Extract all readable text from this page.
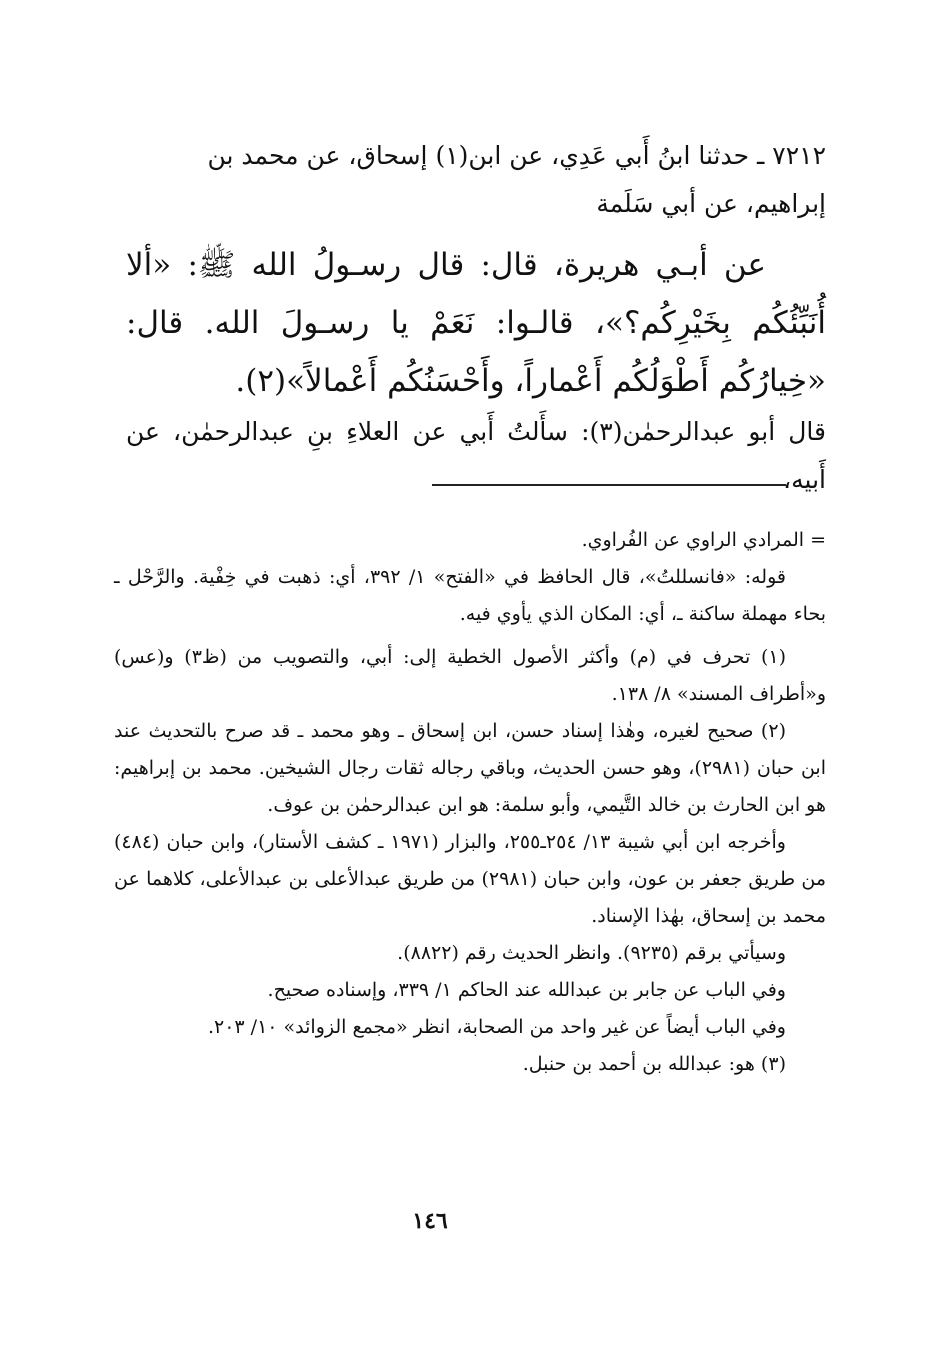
٧٢١٢ ـ حدثنا ابنُ أَبي عَدِي، عن ابن(١) إسحاق، عن محمد بن

إبراهيم، عن أبي سَلَمة

عن أبـي هريرة، قال: قال رسـولُ الله ﷺ: «ألا أُنَبِّئُكُم بِخَيْرِكُم؟»، قالـوا: نَعَمْ يا رسـولَ الله. قال: «خِيارُكُم أَطْوَلُكُم أَعْماراً، وأَحْسَنُكُم أَعْمالاً»(٢).

قال أبو عبدالرحمٰن(٣): سأَلتُ أَبي عن العلاءِ بنِ عبدالرحمٰن، عن أَبيه،

= المرادي الراوي عن الفُراوي.

قوله: «فانسللتُ»، قال الحافظ في «الفتح» ١/ ٣٩٢، أي: ذهبت في خِفْية. والرَّحْل ـ بحاء مهملة ساكنة ـ، أي: المكان الذي يأوي فيه.

(١) تحرف في (م) وأكثر الأصول الخطية إلى: أبي، والتصويب من (ظ٣) و(عس) و«أطراف المسند» ٨/ ١٣٨.

(٢) صحيح لغيره، وهٰذا إسناد حسن، ابن إسحاق ـ وهو محمد ـ قد صرح بالتحديث عند ابن حبان (٢٩٨١)، وهو حسن الحديث، وباقي رجاله ثقات رجال الشيخين. محمد بن إبراهيم: هو ابن الحارث بن خالد التَّيمي، وأبو سلمة: هو ابن عبدالرحمٰن بن عوف.

وأخرجه ابن أبي شيبة ١٣/ ٢٥٤ـ٢٥٥، والبزار (١٩٧١ ـ كشف الأستار)، وابن حبان (٤٨٤) من طريق جعفر بن عون، وابن حبان (٢٩٨١) من طريق عبدالأعلى بن عبدالأعلى، كلاهما عن محمد بن إسحاق، بهٰذا الإسناد.

وسيأتي برقم (٩٢٣٥). وانظر الحديث رقم (٨٨٢٢).

وفي الباب عن جابر بن عبدالله عند الحاكم ١/ ٣٣٩، وإسناده صحيح.

وفي الباب أيضاً عن غير واحد من الصحابة، انظر «مجمع الزوائد» ١٠/ ٢٠٣.

(٣) هو: عبدالله بن أحمد بن حنبل.

١٤٦
